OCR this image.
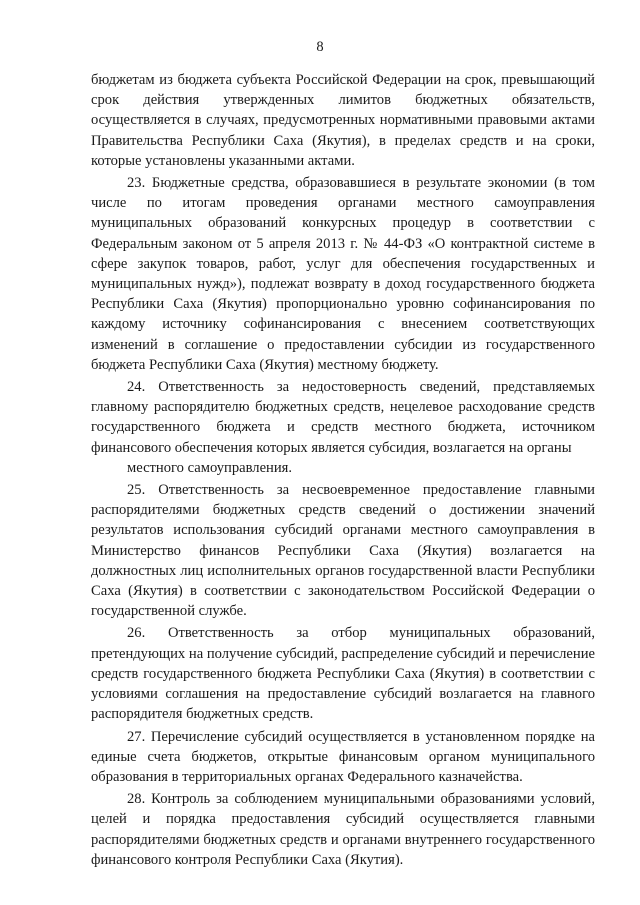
8

бюджетам из бюджета субъекта Российской Федерации на срок, превышающий срок действия утвержденных лимитов бюджетных обязательств, осуществляется в случаях, предусмотренных нормативными правовыми актами Правительства Республики Саха (Якутия), в пределах средств и на сроки, которые установлены указанными актами.

23. Бюджетные средства, образовавшиеся в результате экономии (в том числе по итогам проведения органами местного самоуправления муниципальных образований конкурсных процедур в соответствии с Федеральным законом от 5 апреля 2013 г. № 44-ФЗ «О контрактной системе в сфере закупок товаров, работ, услуг для обеспечения государственных и муниципальных нужд»), подлежат возврату в доход государственного бюджета Республики Саха (Якутия) пропорционально уровню софинансирования по каждому источнику софинансирования с внесением соответствующих изменений в соглашение о предоставлении субсидии из государственного бюджета Республики Саха (Якутия) местному бюджету.

24. Ответственность за недостоверность сведений, представляемых главному распорядителю бюджетных средств, нецелевое расходование средств государственного бюджета и средств местного бюджета, источником финансового обеспечения которых является субсидия, возлагается на органы

местного самоуправления.

25. Ответственность за несвоевременное предоставление главными распорядителями бюджетных средств сведений о достижении значений результатов использования субсидий органами местного самоуправления в Министерство финансов Республики Саха (Якутия) возлагается на должностных лиц исполнительных органов государственной власти Республики Саха (Якутия) в соответствии с законодательством Российской Федерации о государственной службе.

26. Ответственность за отбор муниципальных образований, претендующих на получение субсидий, распределение субсидий и перечисление средств государственного бюджета Республики Саха (Якутия) в соответствии с условиями соглашения на предоставление субсидий возлагается на главного распорядителя бюджетных средств.

27. Перечисление субсидий осуществляется в установленном порядке на единые счета бюджетов, открытые финансовым органом муниципального образования в территориальных органах Федерального казначейства.

28. Контроль за соблюдением муниципальными образованиями условий, целей и порядка предоставления субсидий осуществляется главными распорядителями бюджетных средств и органами внутреннего государственного финансового контроля Республики Саха (Якутия).
